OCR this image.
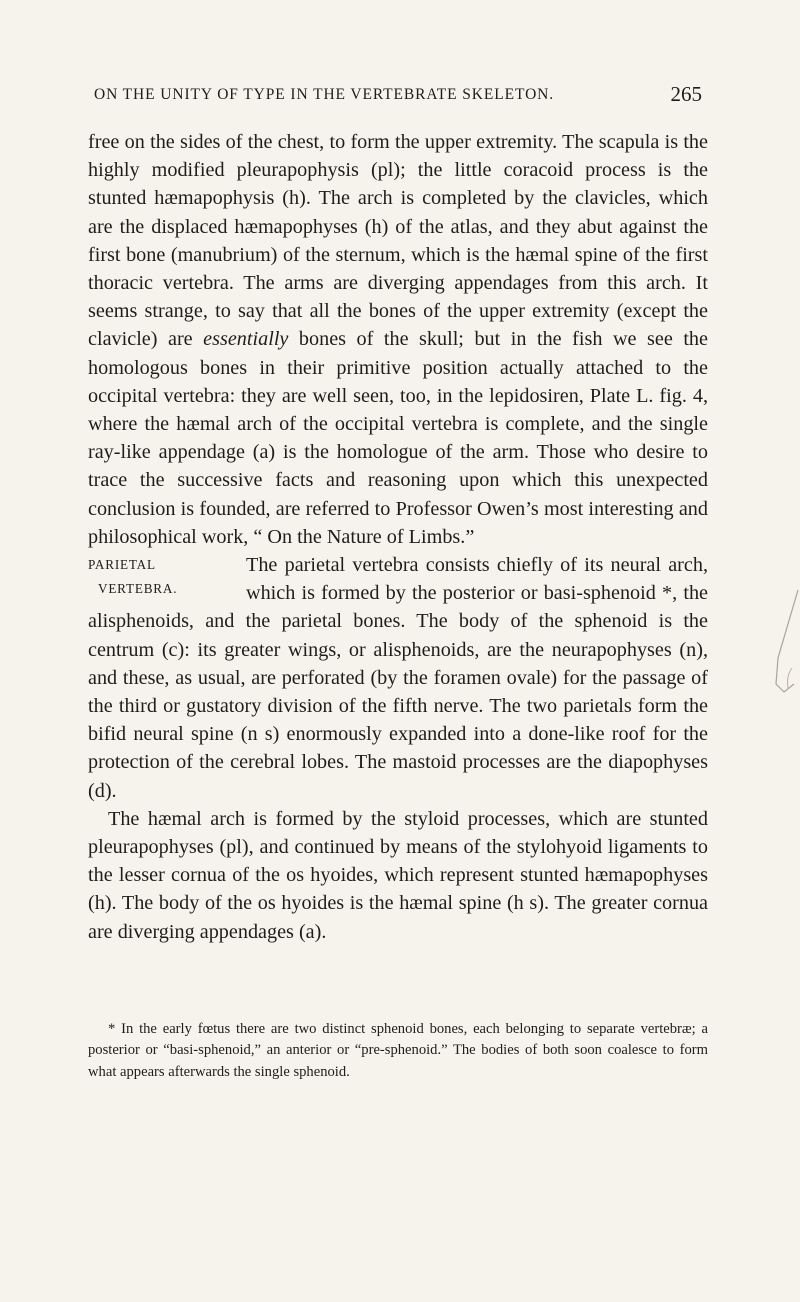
ON THE UNITY OF TYPE IN THE VERTEBRATE SKELETON.	265

free on the sides of the chest, to form the upper extremity. The scapula is the highly modified pleurapophysis (pl); the little coracoid process is the stunted hæmapophysis (h). The arch is completed by the clavicles, which are the displaced hæmapophyses (h) of the atlas, and they abut against the first bone (manubrium) of the sternum, which is the hæmal spine of the first thoracic vertebra. The arms are diverging appendages from this arch. It seems strange, to say that all the bones of the upper extremity (except the clavicle) are essentially bones of the skull; but in the fish we see the homologous bones in their primitive position actually attached to the occipital vertebra: they are well seen, too, in the lepidosiren, Plate L. fig. 4, where the hæmal arch of the occipital vertebra is complete, and the single ray-like appendage (a) is the homologue of the arm. Those who desire to trace the successive facts and reasoning upon which this unexpected conclusion is founded, are referred to Professor Owen’s most interesting and philosophical work, “ On the Nature of Limbs.”

PARIETAL
VERTEBRA.
The parietal vertebra consists chiefly of its neural arch, which is formed by the posterior or basi-sphenoid *, the alisphenoids, and the parietal bones. The body of the sphenoid is the centrum (c): its greater wings, or alisphenoids, are the neurapophyses (n), and these, as usual, are perforated (by the foramen ovale) for the passage of the third or gustatory division of the fifth nerve. The two parietals form the bifid neural spine (n s) enormously expanded into a done-like roof for the protection of the cerebral lobes. The mastoid processes are the diapophyses (d).

The hæmal arch is formed by the styloid processes, which are stunted pleurapophyses (pl), and continued by means of the stylohyoid ligaments to the lesser cornua of the os hyoides, which represent stunted hæmapophyses (h). The body of the os hyoides is the hæmal spine (h s). The greater cornua are diverging appendages (a).

* In the early fœtus there are two distinct sphenoid bones, each belonging to separate vertebræ; a posterior or “basi-sphenoid,” an anterior or “pre-sphenoid.” The bodies of both soon coalesce to form what appears afterwards the single sphenoid.
